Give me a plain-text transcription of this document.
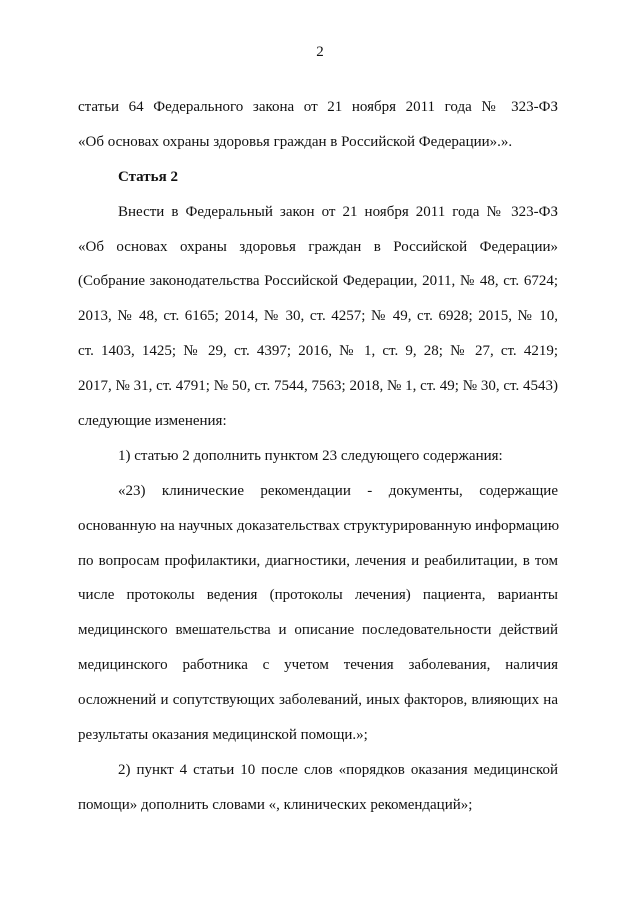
2
статьи 64 Федерального закона от 21 ноября 2011 года № 323-ФЗ
«Об основах охраны здоровья граждан в Российской Федерации».».
Статья 2
Внести в Федеральный закон от 21 ноября 2011 года № 323-ФЗ
«Об основах охраны здоровья граждан в Российской Федерации»
(Собрание законодательства Российской Федерации, 2011, № 48, ст. 6724;
2013, № 48, ст. 6165; 2014, № 30, ст. 4257; № 49, ст. 6928; 2015, № 10,
ст. 1403, 1425; № 29, ст. 4397; 2016, № 1, ст. 9, 28; № 27, ст. 4219;
2017, № 31, ст. 4791; № 50, ст. 7544, 7563; 2018, № 1, ст. 49; № 30, ст. 4543)
следующие изменения:
1) статью 2 дополнить пунктом 23 следующего содержания:
«23) клинические рекомендации - документы, содержащие
основанную на научных доказательствах структурированную информацию
по вопросам профилактики, диагностики, лечения и реабилитации, в том
числе протоколы ведения (протоколы лечения) пациента, варианты
медицинского вмешательства и описание последовательности действий
медицинского работника с учетом течения заболевания, наличия
осложнений и сопутствующих заболеваний, иных факторов, влияющих на
результаты оказания медицинской помощи.»;
2) пункт 4 статьи 10 после слов «порядков оказания медицинской
помощи» дополнить словами «, клинических рекомендаций»;
